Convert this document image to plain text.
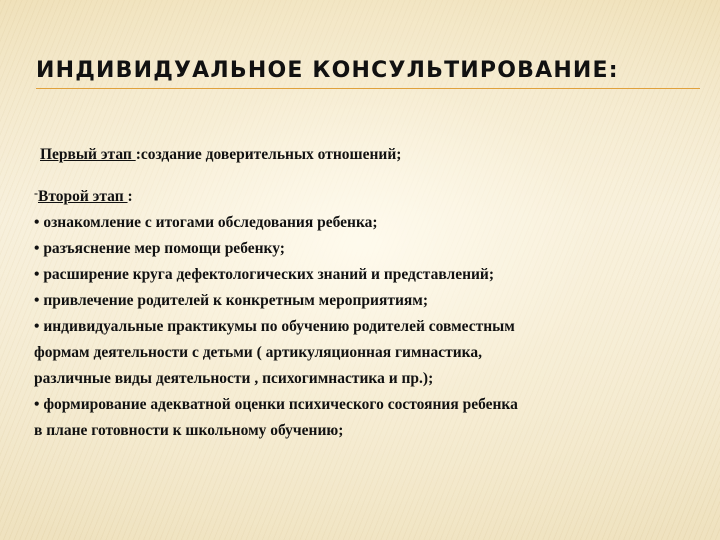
ИНДИВИДУАЛЬНОЕ КОНСУЛЬТИРОВАНИЕ:
Первый этап :создание доверительных отношений;
-Второй этап :
• ознакомление с итогами обследования ребенка;
• разъяснение мер помощи ребенку;
• расширение круга дефектологических знаний и представлений;
• привлечение родителей к конкретным мероприятиям;
• индивидуальные практикумы по обучению родителей совместным
формам деятельности с детьми ( артикуляционная гимнастика,
различные виды деятельности , психогимнастика и пр.);
• формирование адекватной оценки психического состояния ребенка
в плане готовности к школьному обучению;
